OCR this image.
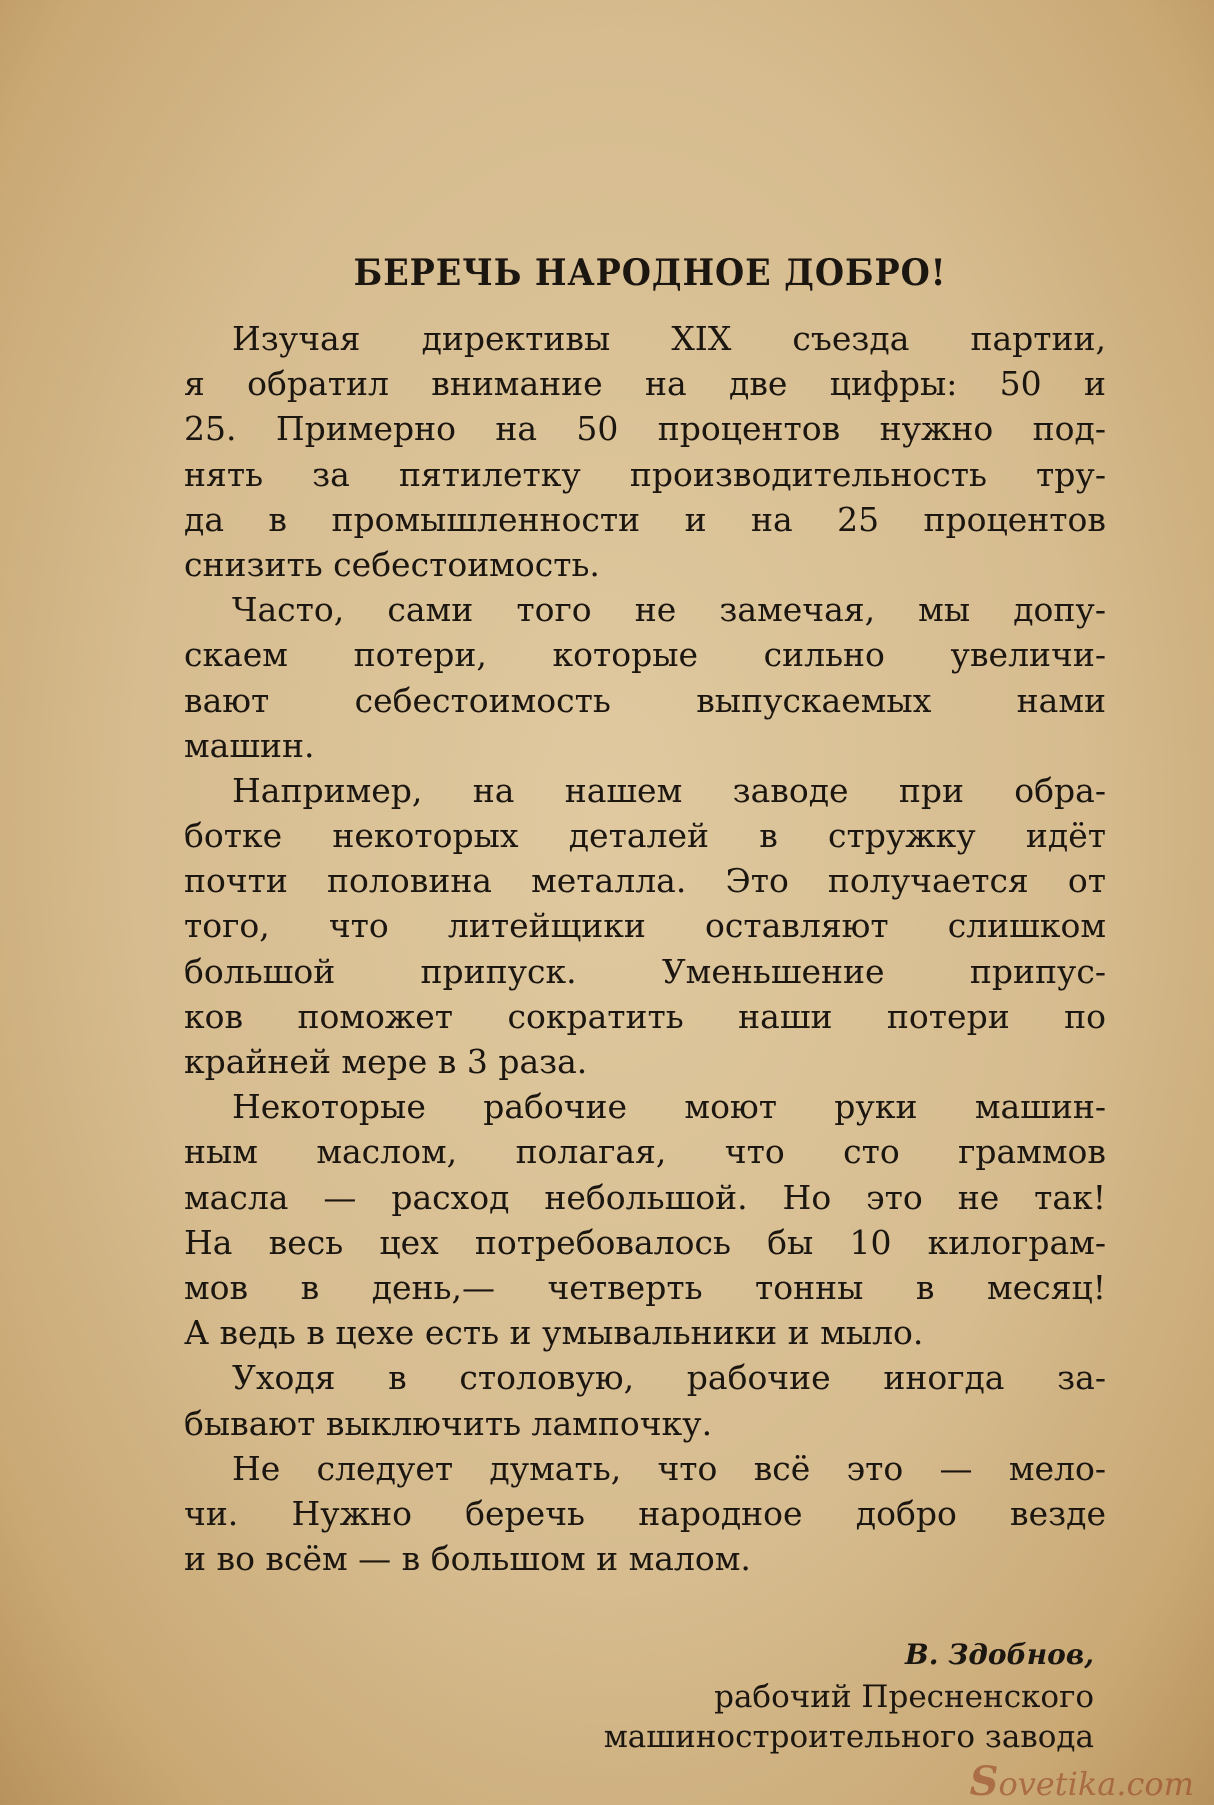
БЕРЕЧЬ НАРОДНОЕ ДОБРО!
Изучая директивы XIX съезда партии,
я обратил внимание на две цифры: 50 и
25. Примерно на 50 процентов нужно под-
нять за пятилетку производительность тру-
да в промышленности и на 25 процентов
снизить себестоимость.
Часто, сами того не замечая, мы допу-
скаем потери, которые сильно увеличи-
вают себестоимость выпускаемых нами
машин.
Например, на нашем заводе при обра-
ботке некоторых деталей в стружку идёт
почти половина металла. Это получается от
того, что литейщики оставляют слишком
большой припуск. Уменьшение припус-
ков поможет сократить наши потери по
крайней мере в 3 раза.
Некоторые рабочие моют руки машин-
ным маслом, полагая, что сто граммов
масла — расход небольшой. Но это не так!
На весь цех потребовалось бы 10 килограм-
мов в день,— четверть тонны в месяц!
А ведь в цехе есть и умывальники и мыло.
Уходя в столовую, рабочие иногда за-
бывают выключить лампочку.
Не следует думать, что всё это — мело-
чи. Нужно беречь народное добро везде
и во всём — в большом и малом.
В. Здобнов,
рабочий Пресненского
машиностроительного завода
Sovetika.com
